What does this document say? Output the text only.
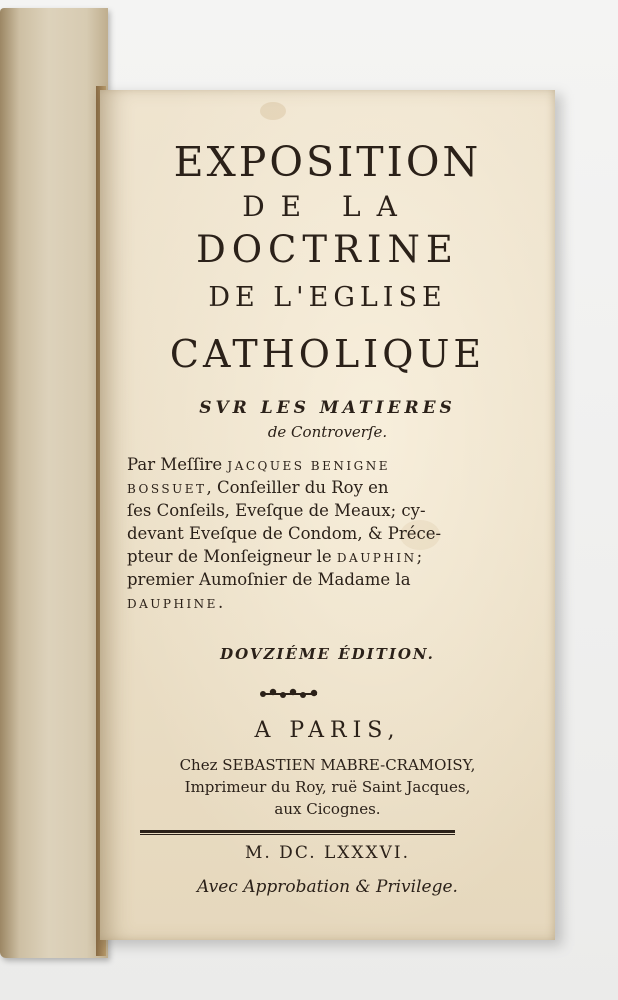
EXPOSITION
DE LA
DOCTRINE
DE L'EGLISE
CATHOLIQUE
SVR LES MATIERES
de Controverſe.
Par Meſſire JACQUES BENIGNE
BOSSUET, Conſeiller du Roy en
ſes Conſeils, Eveſque de Meaux; cy-
devant Eveſque de Condom, & Préce-
pteur de Monſeigneur le DAUPHIN;
premier Aumoſnier de Madame la
DAUPHINE.
DOVZIÉME ÉDITION.
A PARIS,
Chez SEBASTIEN MABRE-CRAMOISY,
Imprimeur du Roy, ruë Saint Jacques,
aux Cicognes.
M. DC. LXXXVI.
Avec Approbation & Privilege.
